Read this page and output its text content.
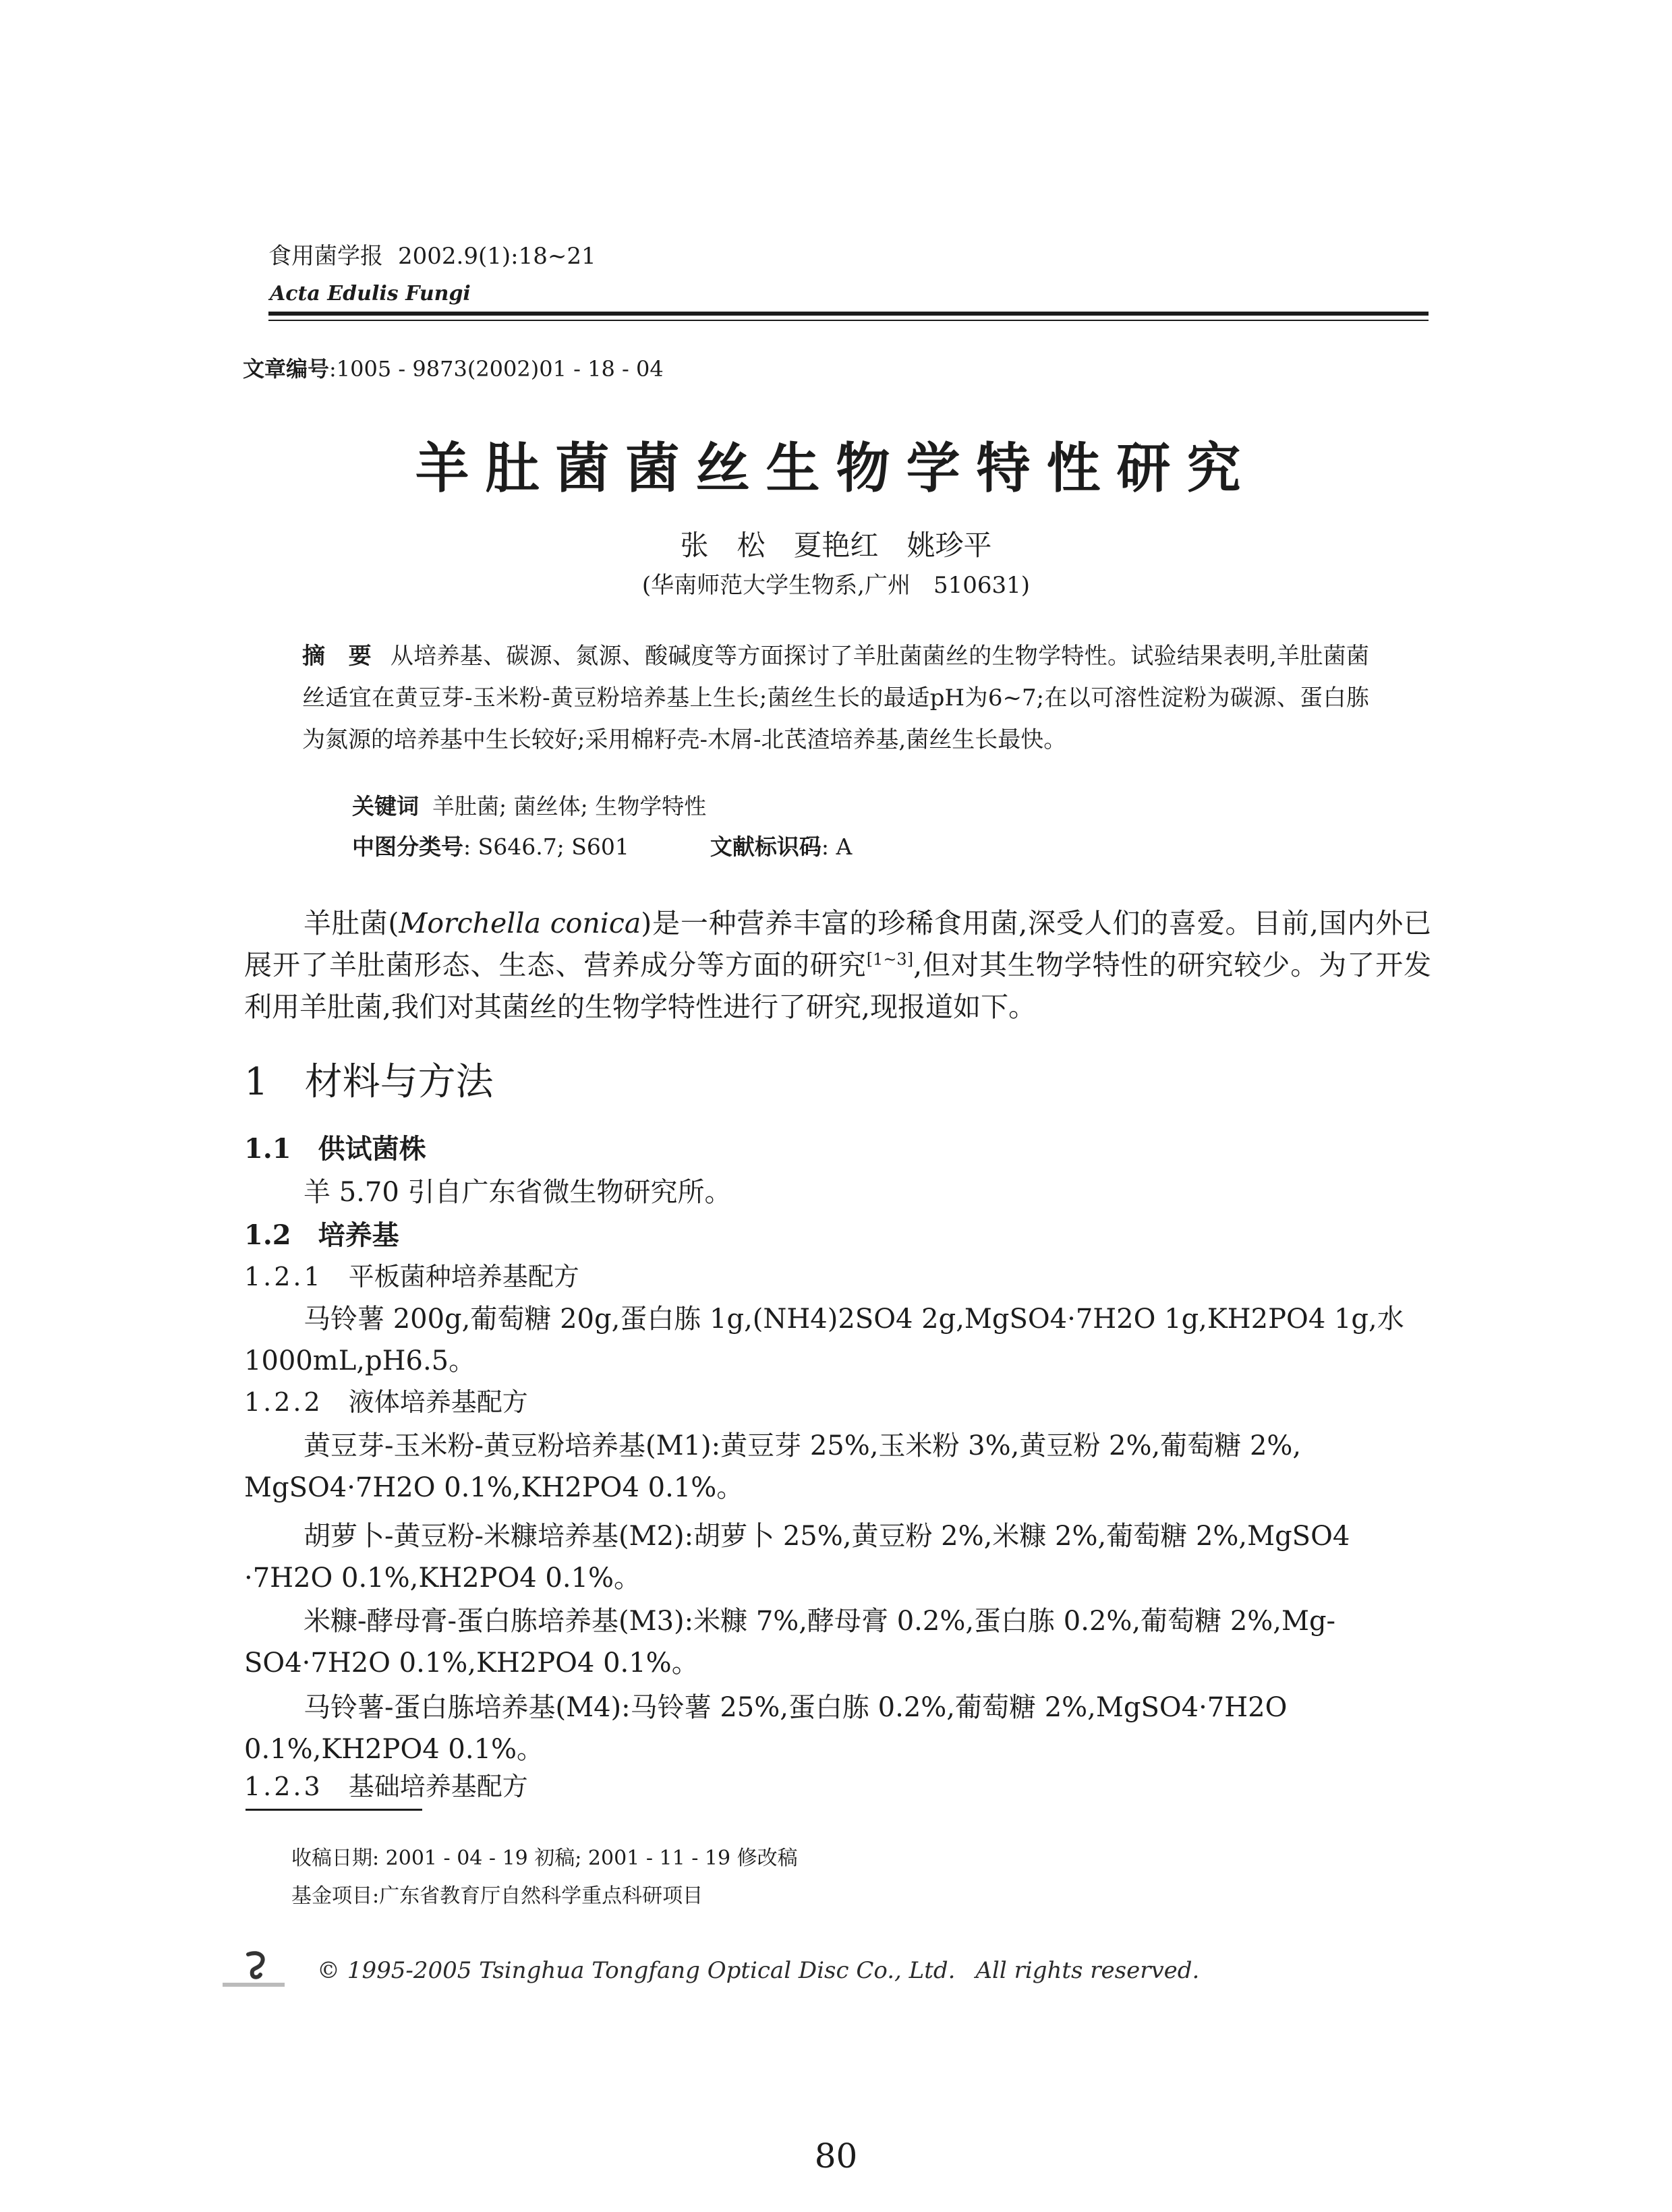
食用菌学报 2002.9(1):18~21
Acta Edulis Fungi
文章编号:1005 - 9873(2002)01 - 18 - 04
羊肚菌菌丝生物学特性研究
张　松　夏艳红　姚珍平
(华南师范大学生物系,广州　510631)
摘　要 从培养基、碳源、氮源、酸碱度等方面探讨了羊肚菌菌丝的生物学特性。试验结果表明,羊肚菌菌丝适宜在黄豆芽-玉米粉-黄豆粉培养基上生长;菌丝生长的最适pH为6~7;在以可溶性淀粉为碳源、蛋白胨为氮源的培养基中生长较好;采用棉籽壳-木屑-北芪渣培养基,菌丝生长最快。
关键词 羊肚菌; 菌丝体; 生物学特性
中图分类号: S646.7; S601	文献标识码: A
羊肚菌(Morchella conica)是一种营养丰富的珍稀食用菌,深受人们的喜爱。目前,国内外已展开了羊肚菌形态、生态、营养成分等方面的研究[1~3],但对其生物学特性的研究较少。为了开发利用羊肚菌,我们对其菌丝的生物学特性进行了研究,现报道如下。
1 材料与方法
1.1 供试菌株
羊 5.70 引自广东省微生物研究所。
1.2 培养基
1.2.1 平板菌种培养基配方
马铃薯 200g,葡萄糖 20g,蛋白胨 1g,(NH4)2SO4 2g,MgSO4·7H2O 1g,KH2PO4 1g,水
1000mL,pH6.5。
1.2.2 液体培养基配方
黄豆芽-玉米粉-黄豆粉培养基(M1):黄豆芽 25%,玉米粉 3%,黄豆粉 2%,葡萄糖 2%,
MgSO4·7H2O 0.1%,KH2PO4 0.1%。
胡萝卜-黄豆粉-米糠培养基(M2):胡萝卜 25%,黄豆粉 2%,米糠 2%,葡萄糖 2%,MgSO4
·7H2O 0.1%,KH2PO4 0.1%。
米糠-酵母膏-蛋白胨培养基(M3):米糠 7%,酵母膏 0.2%,蛋白胨 0.2%,葡萄糖 2%,Mg-
SO4·7H2O 0.1%,KH2PO4 0.1%。
马铃薯-蛋白胨培养基(M4):马铃薯 25%,蛋白胨 0.2%,葡萄糖 2%,MgSO4·7H2O
0.1%,KH2PO4 0.1%。
1.2.3 基础培养基配方
收稿日期: 2001 - 04 - 19 初稿; 2001 - 11 - 19 修改稿
基金项目:广东省教育厅自然科学重点科研项目
© 1995-2005 Tsinghua Tongfang Optical Disc Co., Ltd. All rights reserved.
80
